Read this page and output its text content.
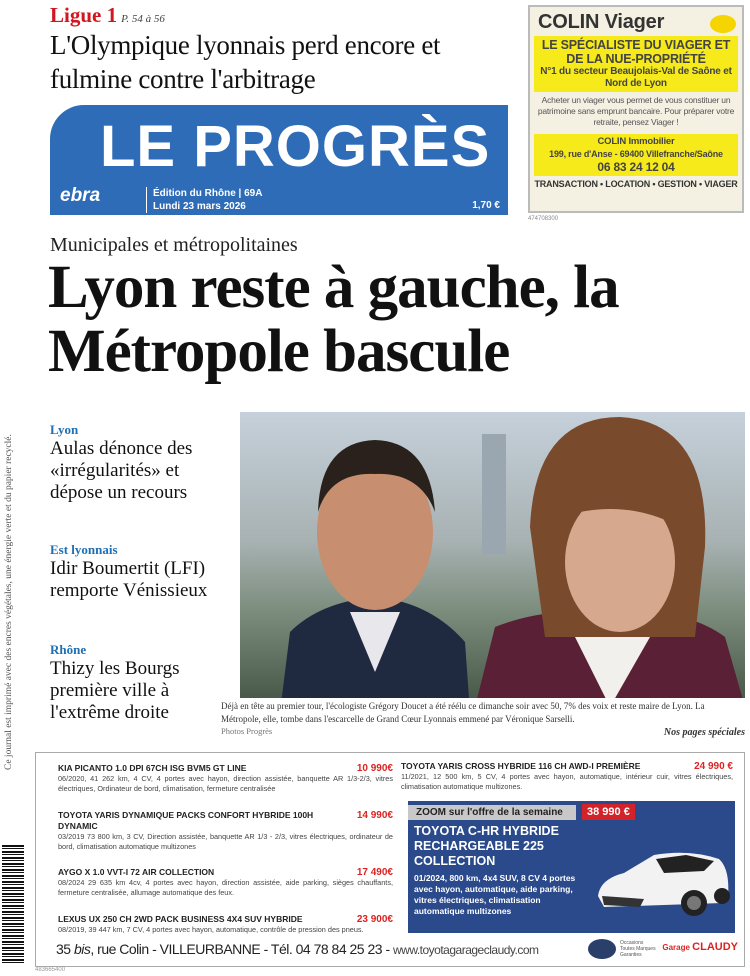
Ligue 1 P. 54 à 56
L'Olympique lyonnais perd encore et fulmine contre l'arbitrage
LE PROGRÈS
ebra	Édition du Rhône | 69A
Lundi 23 mars 2026	1,70 €
COLIN Viager
LE SPÉCIALISTE DU VIAGER ET DE LA NUE-PROPRIÉTÉ
N°1 du secteur Beaujolais-Val de Saône et Nord de Lyon
Acheter un viager vous permet de vous constituer un patrimoine sans emprunt bancaire. Pour préparer votre retraite, pensez Viager !
COLIN Immobilier
199, rue d'Anse - 69400 Villefranche/Saône
06 83 24 12 04
TRANSACTION • LOCATION • GESTION • VIAGER
474708300
Municipales et métropolitaines
Lyon reste à gauche, la Métropole bascule
Lyon
Aulas dénonce des «irrégularités» et dépose un recours
Est lyonnais
Idir Boumertit (LFI) remporte Vénissieux
Rhône
Thizy les Bourgs première ville à l'extrême droite	Déjà en tête au premier tour, l'écologiste Grégory Doucet a été réélu ce dimanche soir avec 50, 7% des voix et reste maire de Lyon. La Métropole, elle, tombe dans l'escarcelle de Grand Cœur Lyonnais emmené par Véronique Sarselli.
Photos Progrès	Nos pages spéciales
Ce journal est imprimé avec des encres végétales, une énergie verte et du papier recyclé.	KIA PICANTO 1.0 DPI 67CH ISG BVM5 GT LINE	10 990€
06/2020, 41 262 km, 4 CV, 4 portes avec hayon, direction assistée, banquette AR 1/3-2/3, vitres électriques, Ordinateur de bord, climatisation, fermeture centralisée
TOYOTA YARIS DYNAMIQUE PACKS CONFORT HYBRIDE 100H DYNAMIC
14 990€
03/2019 73 800 km, 3 CV, Direction assistée, banquette AR 1/3 - 2/3, vitres électriques, ordinateur de bord, climatisation automatique multizones
AYGO X 1.0 VVT-I 72 AIR COLLECTION	17 490€
08/2024 29 635 km 4cv, 4 portes avec hayon, direction assistée, aide parking, sièges chauffants, fermeture centralisée, allumage automatique des feux.
LEXUS UX 250 CH 2WD PACK BUSINESS 4X4 SUV HYBRIDE	23 900€
08/2019, 39 447 km, 7 CV, 4 portes avec hayon, automatique, contrôle de pression des pneus.
TOYOTA YARIS CROSS HYBRIDE 116 CH AWD-I PREMIÈRE	24 990 €
11/2021, 12 500 km, 5 CV, 4 portes avec hayon, automatique, intérieur cuir, vitres électriques, climatisation automatique multizones.
ZOOM sur l'offre de la semaine	38 990 €
TOYOTA C-HR HYBRIDE RECHARGEABLE 225 COLLECTION
01/2024, 800 km, 4x4 SUV, 8 CV 4 portes avec hayon, automatique, aide parking, vitres électriques, climatisation automatique multizones
35 bis, rue Colin - VILLEURBANNE - Tél. 04 78 84 25 23 - www.toyotagarageclaudy.com	Occasions Toutes Marques Garanties
Garage CLAUDY
483665400
